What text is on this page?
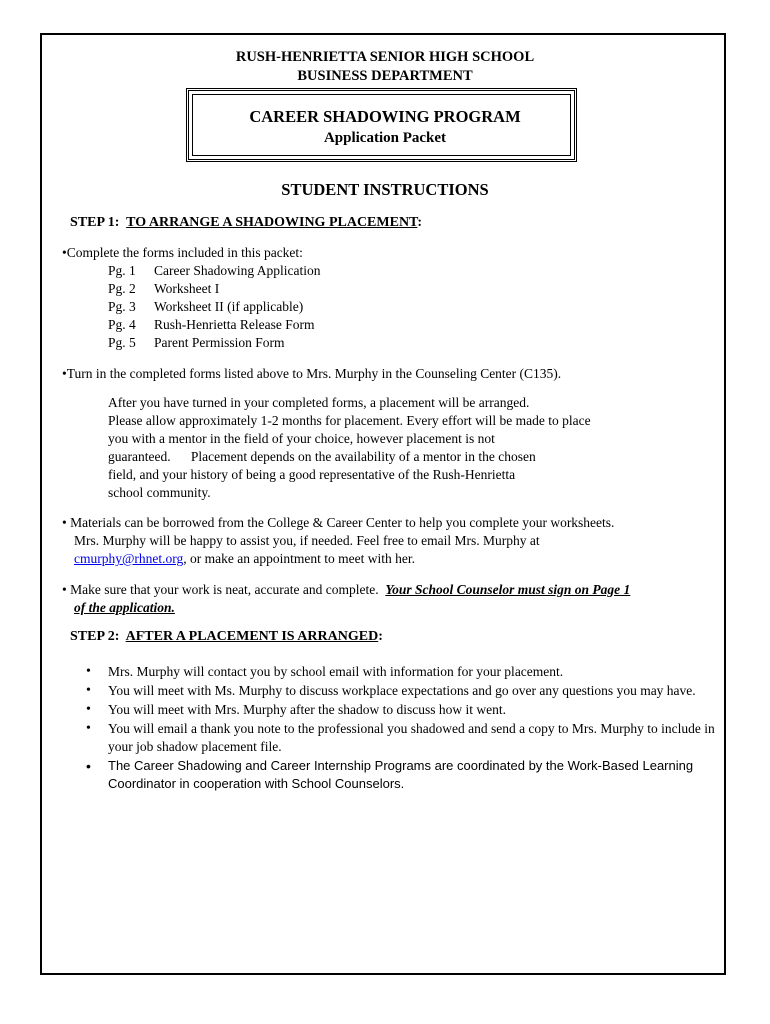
RUSH-HENRIETTA SENIOR HIGH SCHOOL
BUSINESS DEPARTMENT
CAREER SHADOWING PROGRAM
Application Packet
STUDENT INSTRUCTIONS
STEP 1: TO ARRANGE A SHADOWING PLACEMENT:
•Complete the forms included in this packet:
Pg. 1 Career Shadowing Application
Pg. 2 Worksheet I
Pg. 3 Worksheet II (if applicable)
Pg. 4 Rush-Henrietta Release Form
Pg. 5 Parent Permission Form
•Turn in the completed forms listed above to Mrs. Murphy in the Counseling Center (C135).
After you have turned in your completed forms, a placement will be arranged.
Please allow approximately 1-2 months for placement. Every effort will be made to place
you with a mentor in the field of your choice, however placement is not
guaranteed.      Placement depends on the availability of a mentor in the chosen
field, and your history of being a good representative of the Rush-Henrietta
school community.
• Materials can be borrowed from the College & Career Center to help you complete your worksheets.
Mrs. Murphy will be happy to assist you, if needed. Feel free to email Mrs. Murphy at
cmurphy@rhnet.org, or make an appointment to meet with her.
• Make sure that your work is neat, accurate and complete.  Your School Counselor must sign on Page 1
of the application.
STEP 2: AFTER A PLACEMENT IS ARRANGED:
• Mrs. Murphy will contact you by school email with information for your placement.
• You will meet with Ms. Murphy to discuss workplace expectations and go over any questions you may have.
• You will meet with Mrs. Murphy after the shadow to discuss how it went.
• You will email a thank you note to the professional you shadowed and send a copy to Mrs. Murphy to include in your job shadow placement file.
• The Career Shadowing and Career Internship Programs are coordinated by the Work-Based Learning Coordinator in cooperation with School Counselors.
